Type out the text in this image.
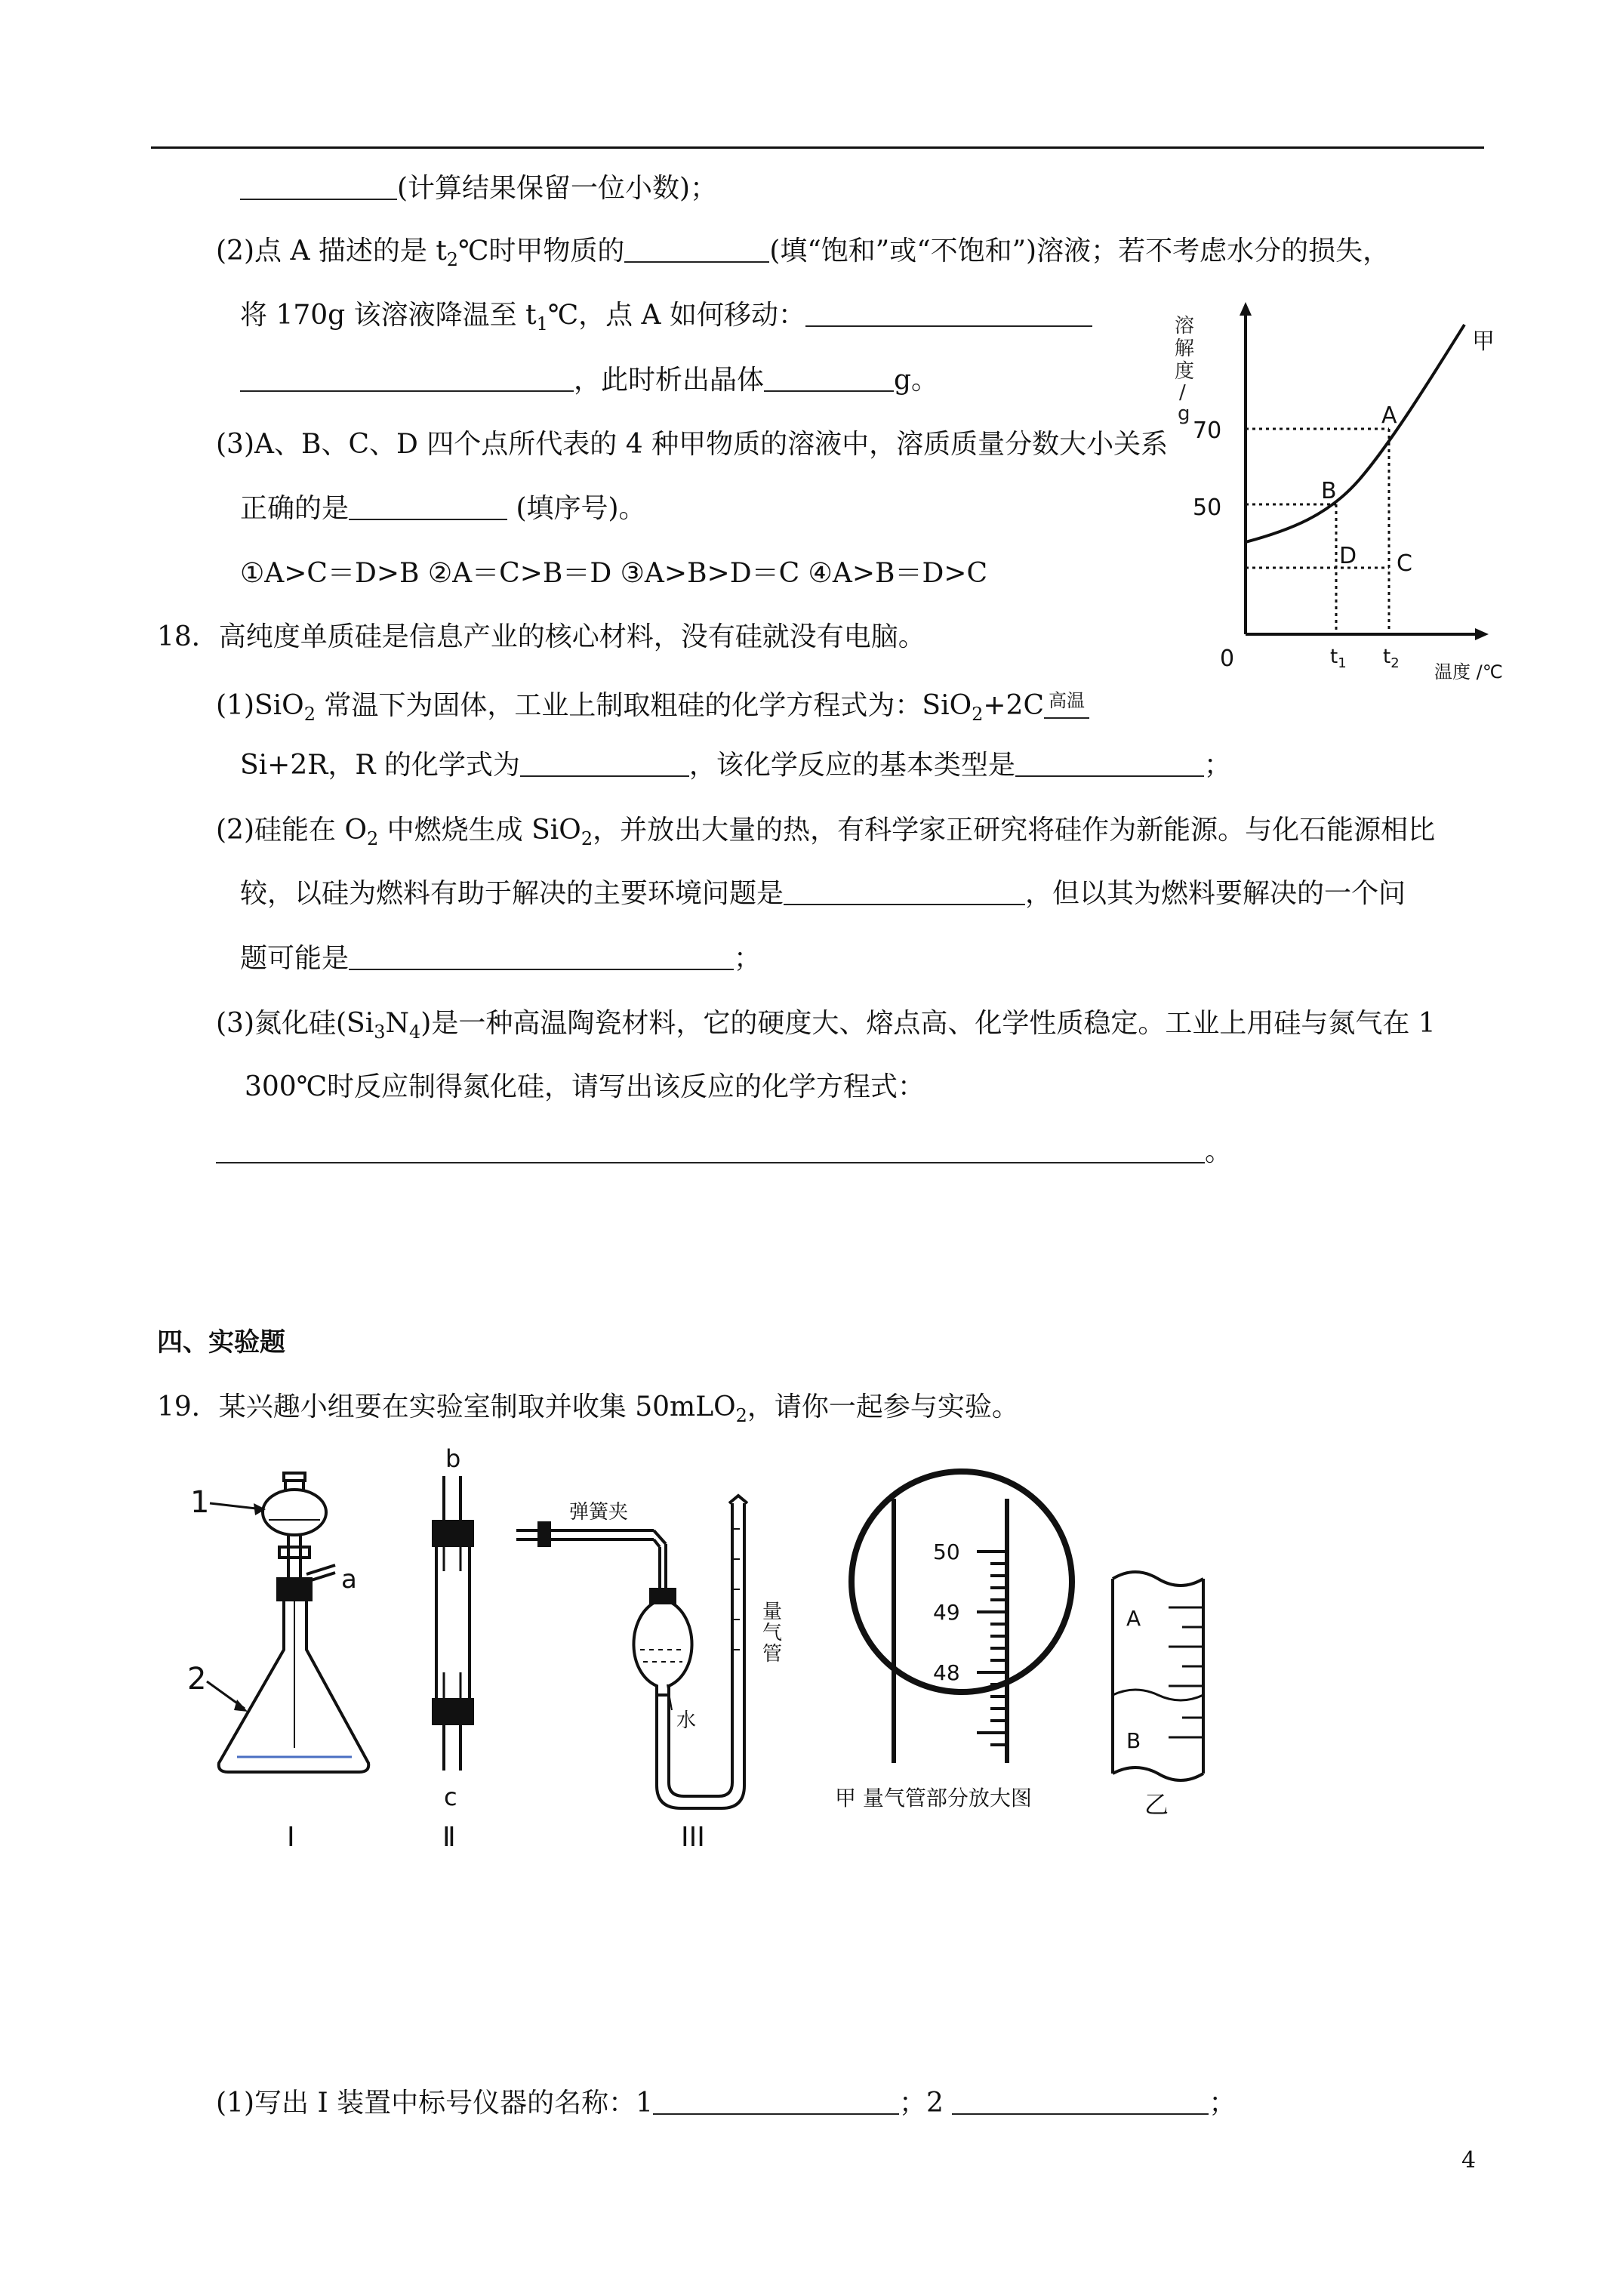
(计算结果保留一位小数)；
(2)点 A 描述的是 $t_2℃$时甲物质的	(填“饱和”或“不饱和”)溶液；若不考虑水分的损失，
将 170g 该溶液降温至 $t_1℃$，点 A 如何移动：
，此时析出晶体	g。
(3)A、B、C、D 四个点所代表的 4 种甲物质的溶液中，溶质质量分数大小关系
正确的是	(填序号)。
①A>C＝D>B ②A＝C>B＝D ③A>B>D＝C ④A>B＝D>C
溶
解
度
/
g
甲
70
50
0	$t_1$ $t_2$ 温度 /℃
A
B
D C
18．高纯度单质硅是信息产业的核心材料，没有硅就没有电脑。
(1)SiO$_2$ 常温下为固体，工业上制取粗硅的化学方程式为：SiO$_2$+2C 高温
Si+2R，R 的化学式为	，该化学反应的基本类型是	；
(2)硅能在 $O_2$ 中燃烧生成 SiO$_2$，并放出大量的热，有科学家正研究将硅作为新能源。与化石能源相比
较，以硅为燃料有助于解决的主要环境问题是	，但以其为燃料要解决的一个问
题可能是	；
(3)氮化硅$(Si_3N_4)$是一种高温陶瓷材料，它的硬度大、熔点高、化学性质稳定。工业上用硅与氮气在 1
300℃时反应制得氮化硅，请写出该反应的化学方程式：
。
四、实验题
19．某兴趣小组要在实验室制取并收集 50mLO$_2$，请你一起参与实验。
1
a
2
I
b
c
Ⅱ
弹簧夹
水
量
气
管
III
50
49
48
甲 量气管部分放大图
A
B
乙
(1)写出 Ⅰ 装置中标号仪器的名称：1	；2	；
4
